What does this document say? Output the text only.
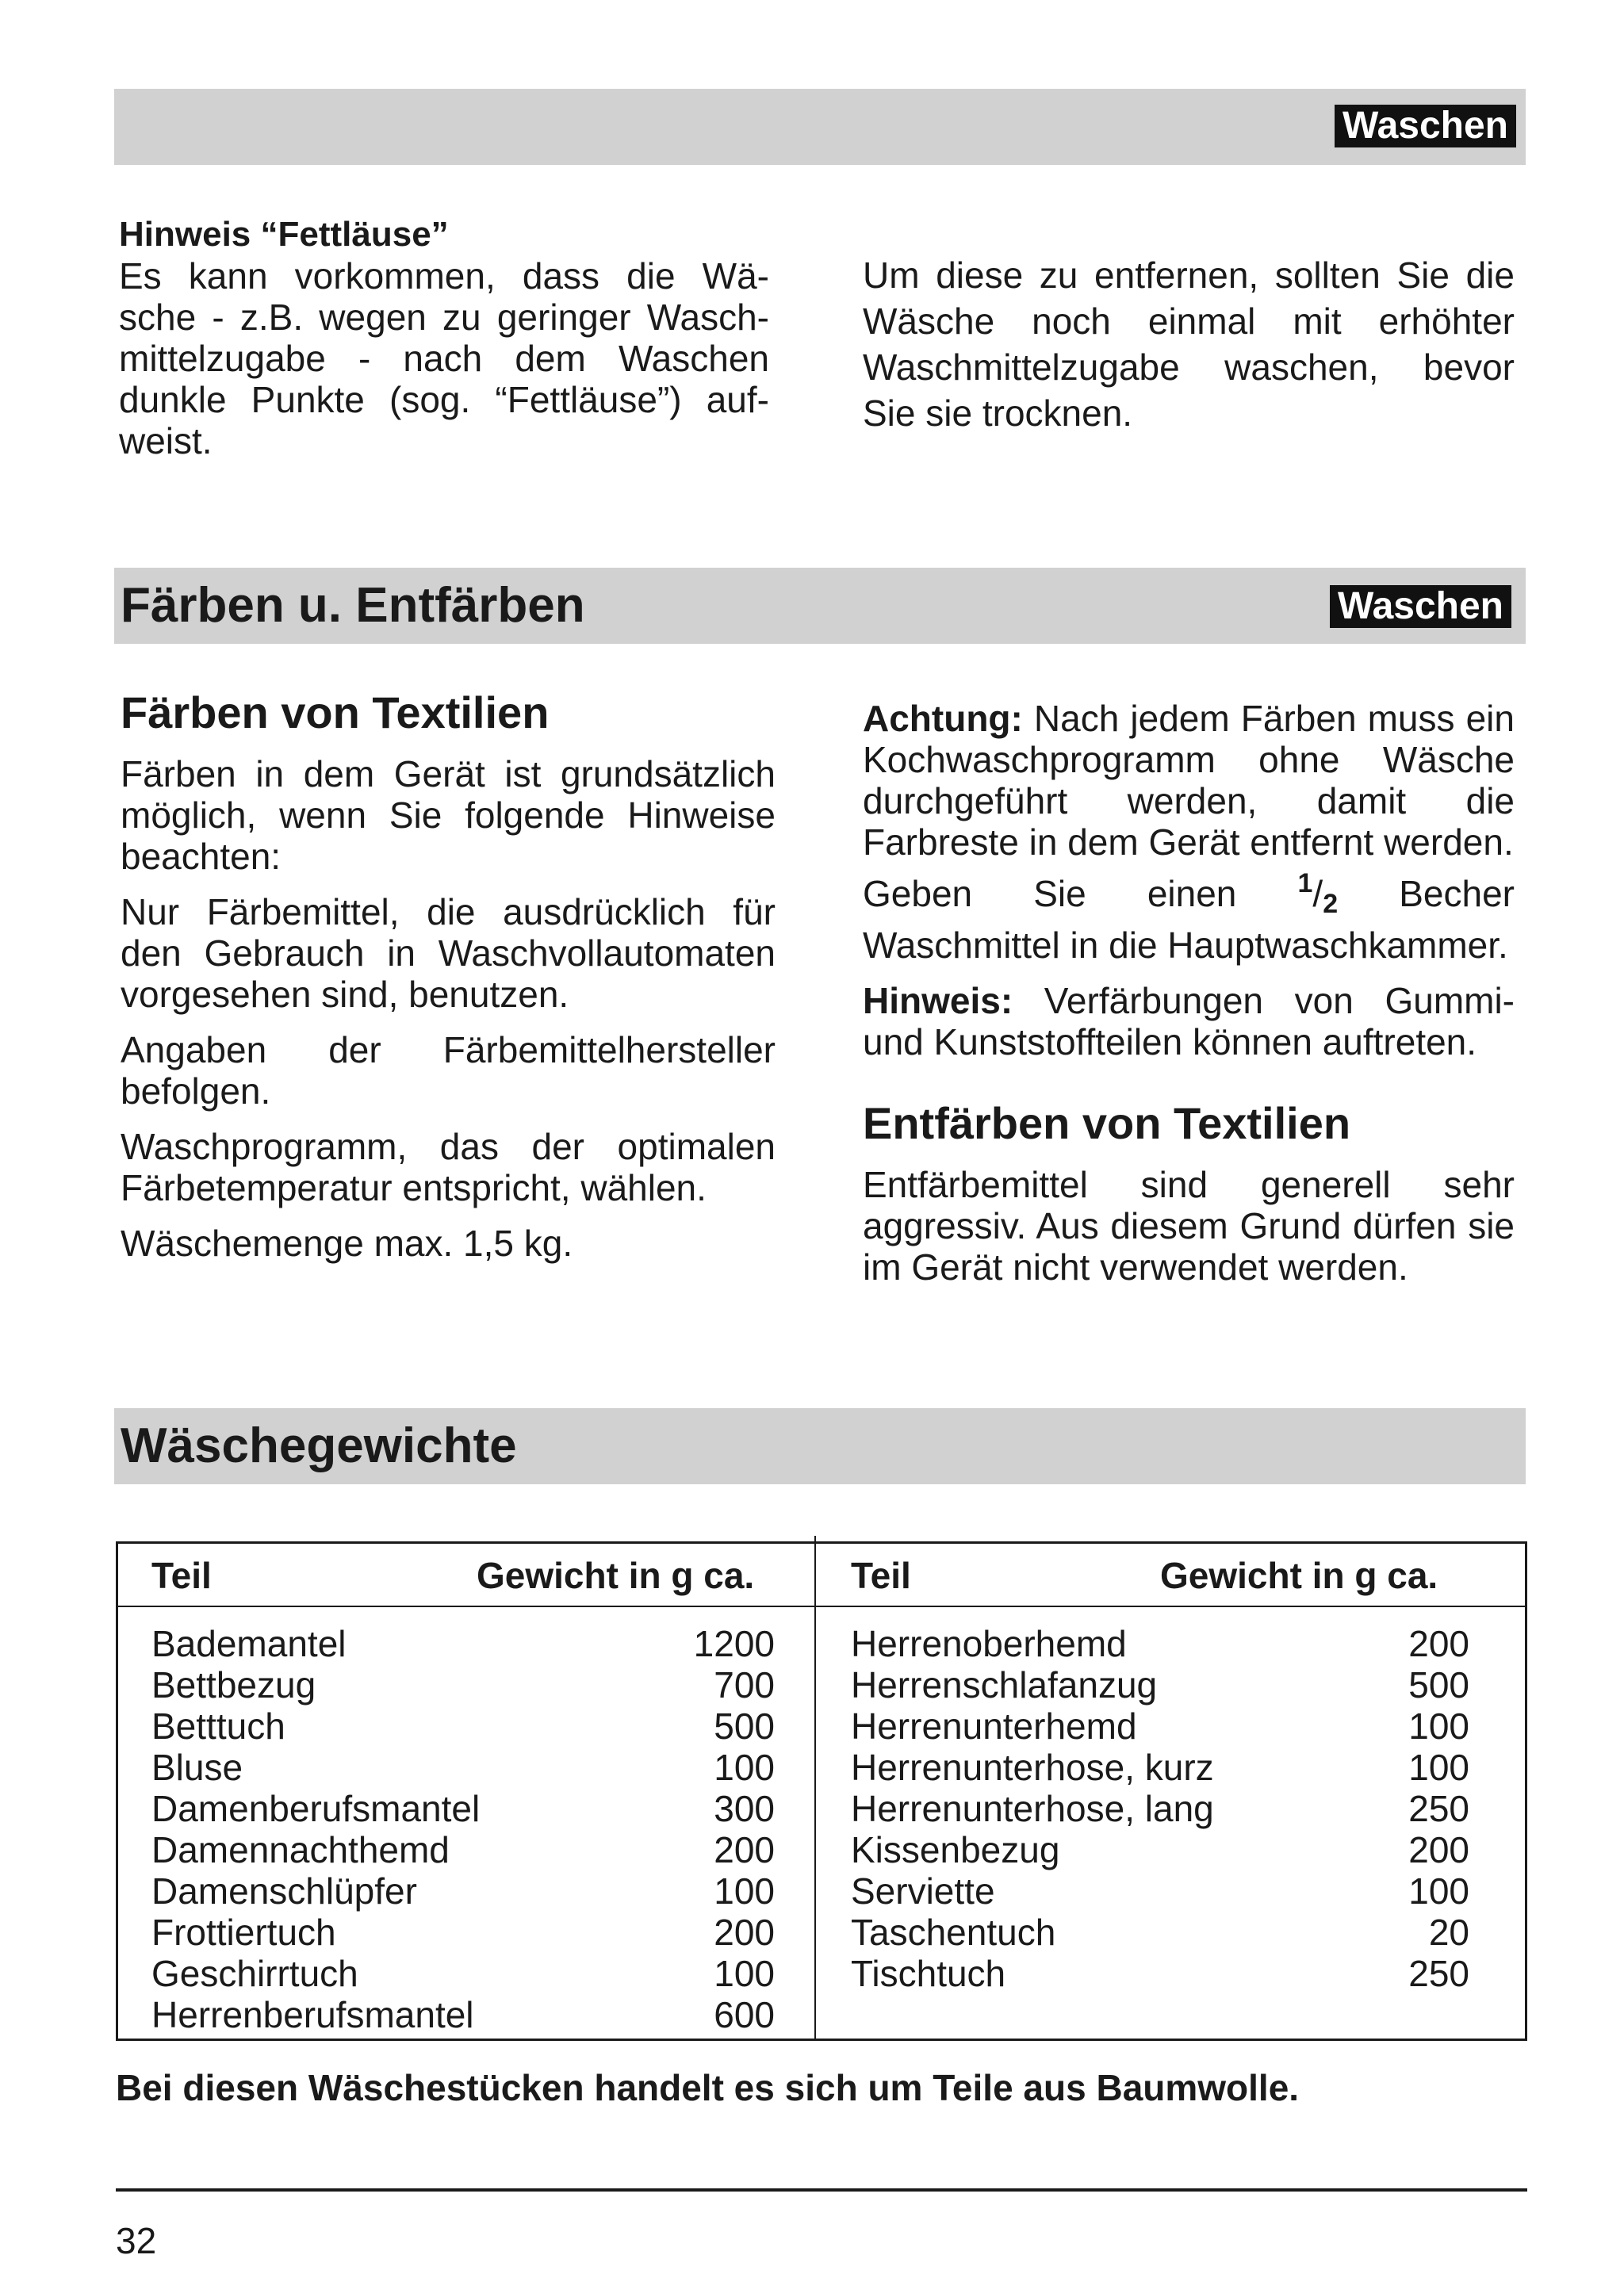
Waschen
Hinweis “Fettläuse”
Es kann vorkommen, dass die Wä-
sche - z.B. wegen zu geringer Wasch-
mittelzugabe - nach dem Waschen
dunkle Punkte (sog. “Fettläuse”) auf-
weist.
Um diese zu entfernen, sollten Sie die
Wäsche noch einmal mit erhöhter
Waschmittelzugabe waschen, bevor
Sie sie trocknen.
Färben u. Entfärben	Waschen
Färben von Textilien

Färben in dem Gerät ist grundsätzlich möglich, wenn Sie folgende Hinweise beachten:

Nur Färbemittel, die ausdrücklich für den Gebrauch in Waschvollautomaten vorgesehen sind, benutzen.

Angaben der Färbemittelhersteller befolgen.

Waschprogramm, das der optimalen Färbetemperatur entspricht, wählen.

Wäschemenge max. 1,5 kg.

Achtung: Nach jedem Färben muss ein Kochwaschprogramm ohne Wäsche durchgeführt werden, damit die Farbreste in dem Gerät entfernt werden.

Geben Sie einen $^1/_2$ Becher Waschmittel in die Hauptwaschkammer.

Hinweis: Verfärbungen von Gummi- und Kunststoffteilen können auftreten.

Entfärben von Textilien

Entfärbemittel sind generell sehr aggressiv. Aus diesem Grund dürfen sie im Gerät nicht verwendet werden.

Wäschegewichte
Teil	Gewicht in g ca.	Teil	Gewicht in g ca.
Bademantel	1200
Bettbezug	700
Betttuch	500
Bluse	100
Damenberufsmantel	300
Damennachthemd	200
Damenschlüpfer	100
Frottiertuch	200
Geschirrtuch	100
Herrenberufsmantel	600
Herrenoberhemd	200
Herrenschlafanzug	500
Herrenunterhemd	100
Herrenunterhose, kurz	100
Herrenunterhose, lang	250
Kissenbezug	200
Serviette	100
Taschentuch	20
Tischtuch	250
Bei diesen Wäschestücken handelt es sich um Teile aus Baumwolle.
32
